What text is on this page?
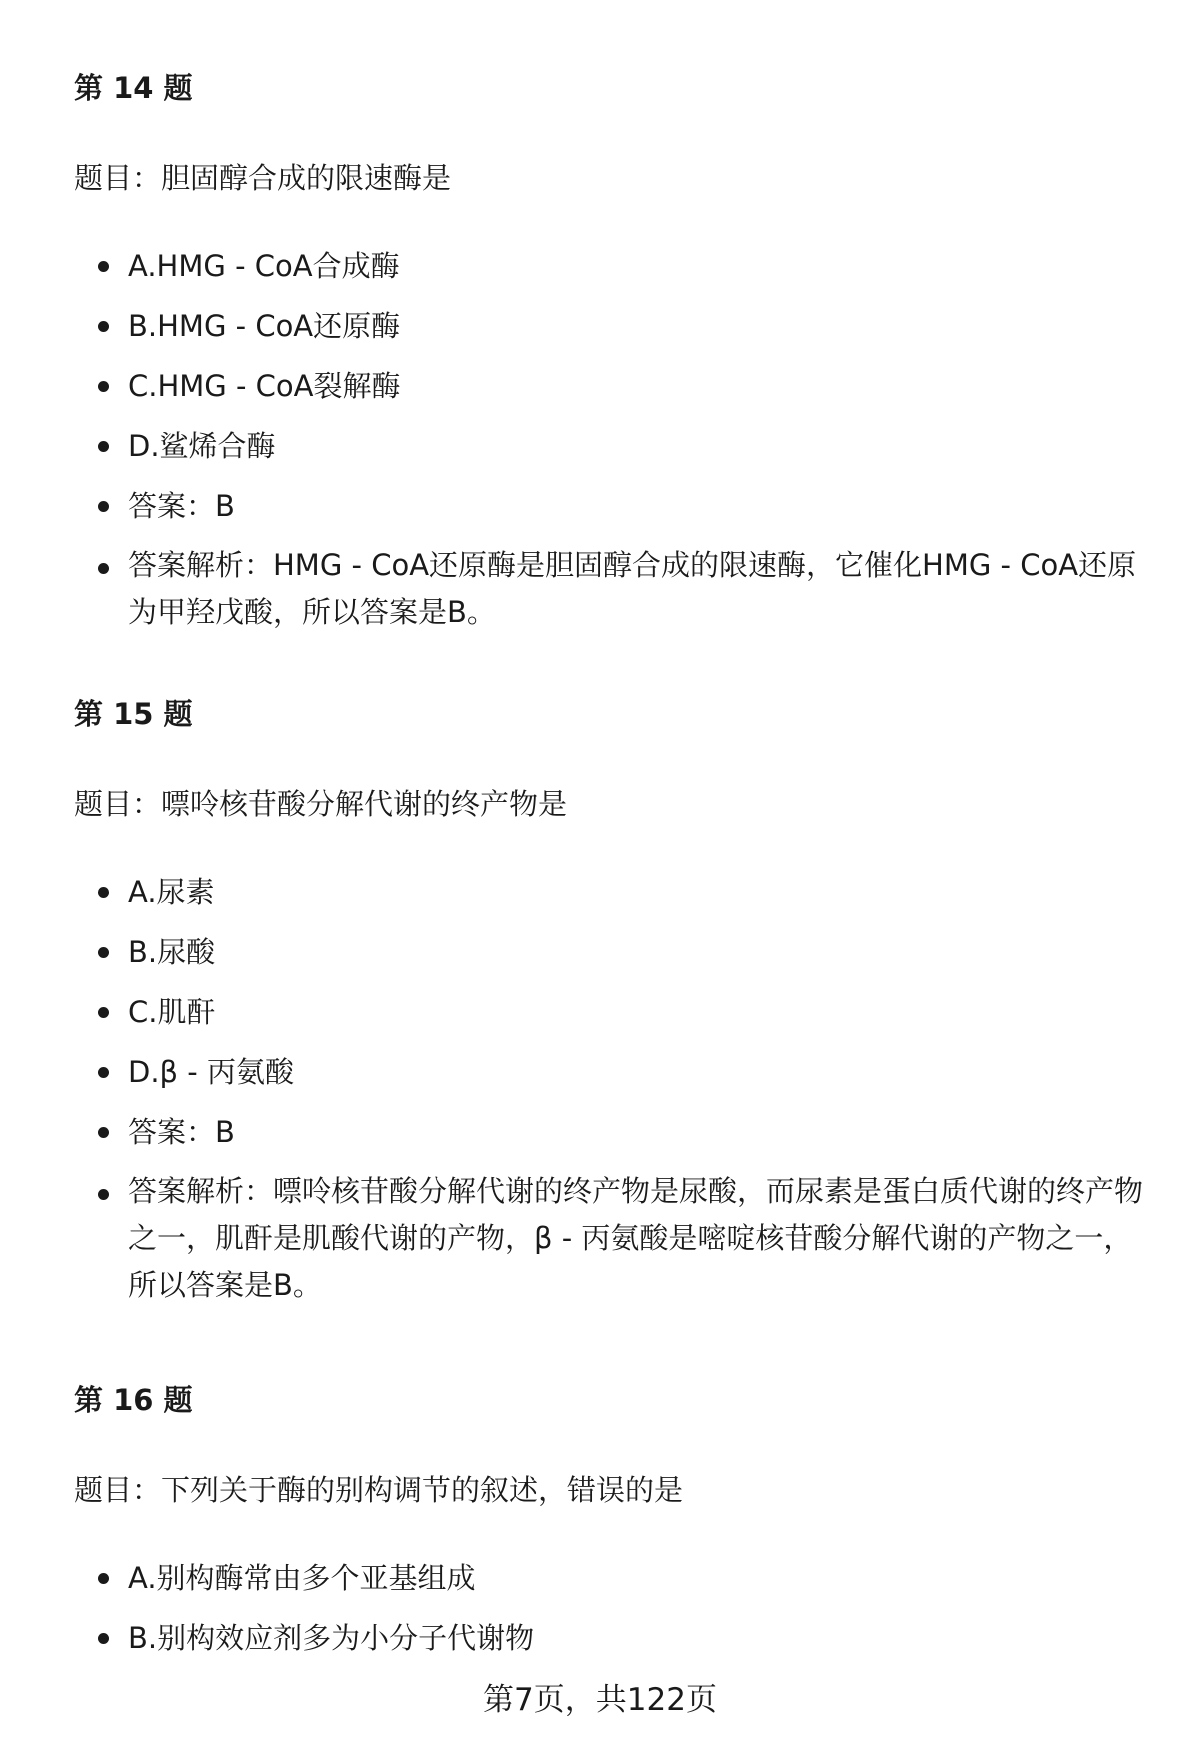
第 14 题
题目：胆固醇合成的限速酶是
A.HMG - CoA合成酶
B.HMG - CoA还原酶
C.HMG - CoA裂解酶
D.鲨烯合酶
答案：B
答案解析：HMG - CoA还原酶是胆固醇合成的限速酶，它催化HMG - CoA还原为甲羟戊酸，所以答案是B。
第 15 题
题目：嘌呤核苷酸分解代谢的终产物是
A.尿素
B.尿酸
C.肌酐
D.β - 丙氨酸
答案：B
答案解析：嘌呤核苷酸分解代谢的终产物是尿酸，而尿素是蛋白质代谢的终产物之一，肌酐是肌酸代谢的产物，β - 丙氨酸是嘧啶核苷酸分解代谢的产物之一，所以答案是B。
第 16 题
题目：下列关于酶的别构调节的叙述，错误的是
A.别构酶常由多个亚基组成
B.别构效应剂多为小分子代谢物
第7页，共122页
